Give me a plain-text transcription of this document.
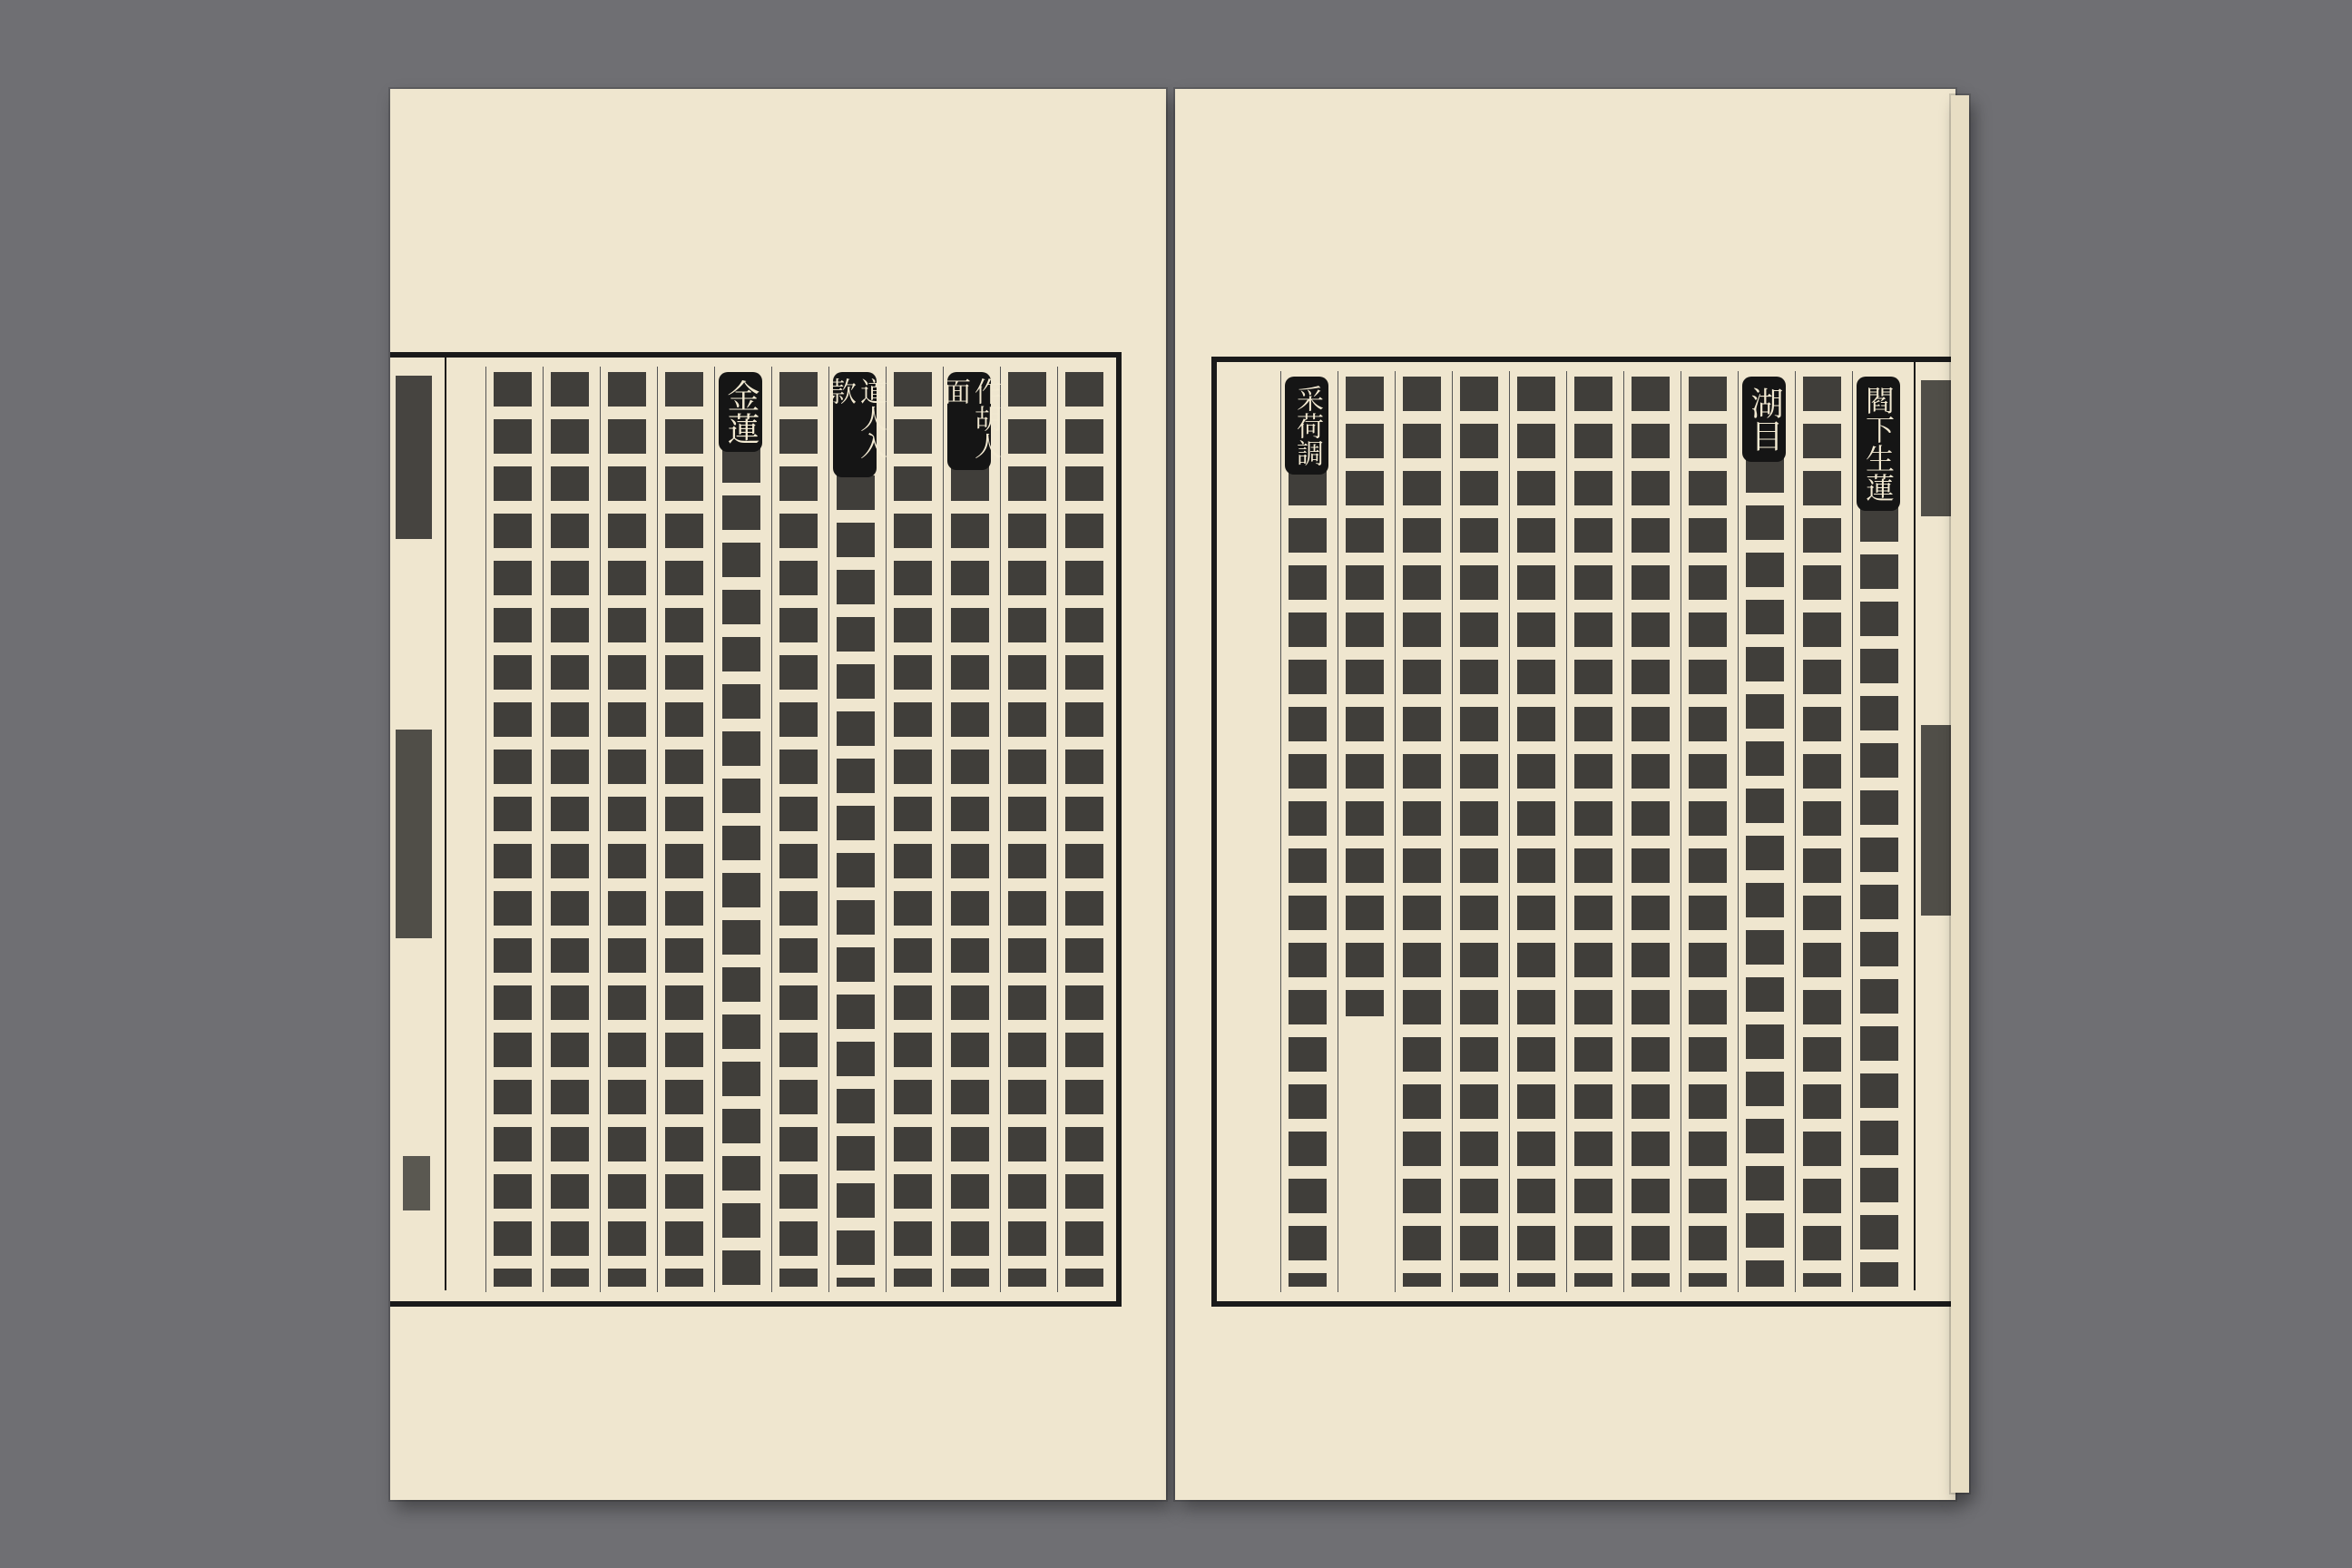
作胡人面
道人入款
金蓮	閻下生蓮
湖目
采荷調
